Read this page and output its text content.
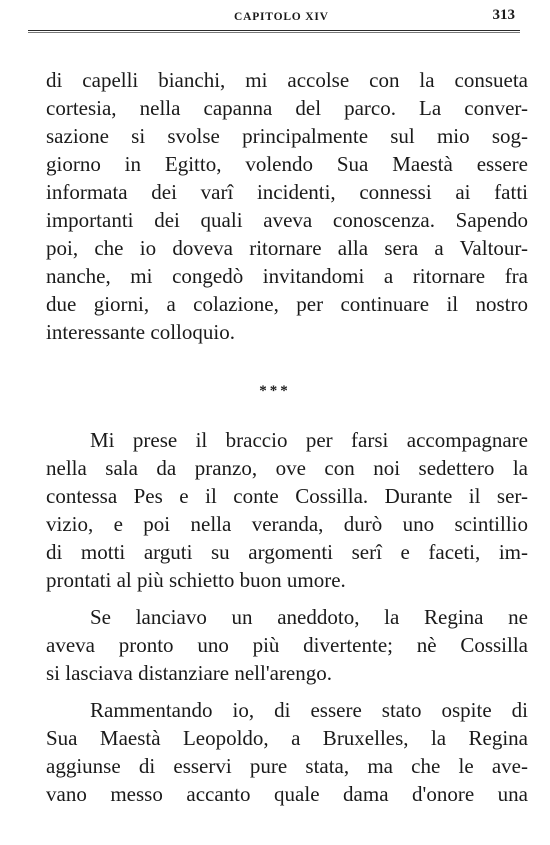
CAPITOLO XIV	313
di capelli bianchi, mi accolse con la consueta
cortesia, nella capanna del parco. La conver-
sazione si svolse principalmente sul mio sog-
giorno in Egitto, volendo Sua Maestà essere
informata dei varî incidenti, connessi ai fatti
importanti dei quali aveva conoscenza. Sapendo
poi, che io doveva ritornare alla sera a Valtour-
nanche, mi congedò invitandomi a ritornare fra
due giorni, a colazione, per continuare il nostro
interessante colloquio.
***
Mi prese il braccio per farsi accompagnare
nella sala da pranzo, ove con noi sedettero la
contessa Pes e il conte Cossilla. Durante il ser-
vizio, e poi nella veranda, durò uno scintillio
di motti arguti su argomenti serî e faceti, im-
prontati al più schietto buon umore.
Se lanciavo un aneddoto, la Regina ne
aveva pronto uno più divertente; nè Cossilla
si lasciava distanziare nell'arengo.
Rammentando io, di essere stato ospite di
Sua Maestà Leopoldo, a Bruxelles, la Regina
aggiunse di esservi pure stata, ma che le ave-
vano messo accanto quale dama d'onore una
